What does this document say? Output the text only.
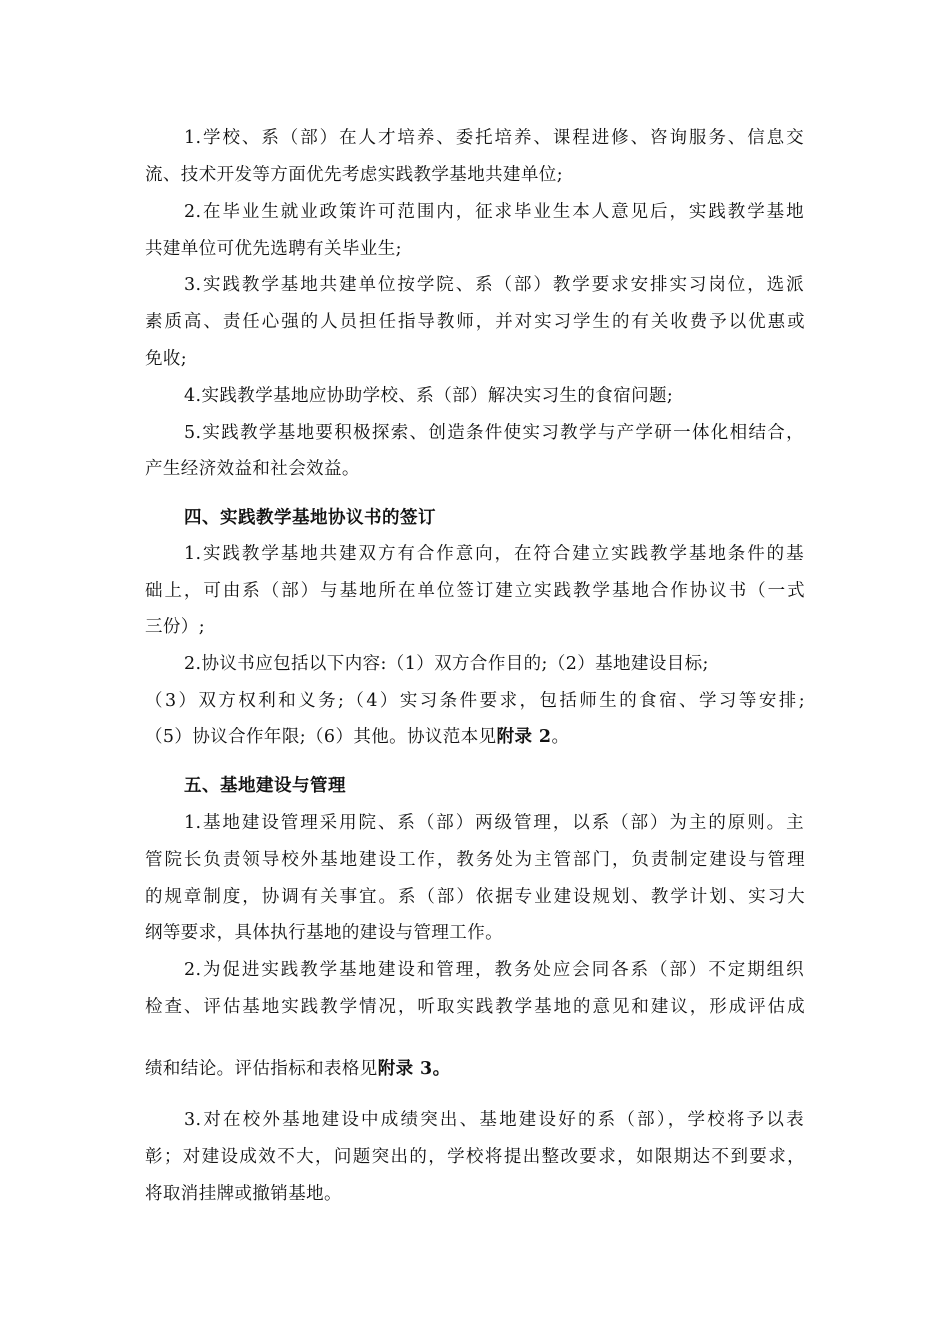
1.学校、系（部）在人才培养、委托培养、课程进修、咨询服务、信息交
流、技术开发等方面优先考虑实践教学基地共建单位;
2.在毕业生就业政策许可范围内，征求毕业生本人意见后，实践教学基地
共建单位可优先选聘有关毕业生;
3.实践教学基地共建单位按学院、系（部）教学要求安排实习岗位，选派
素质高、责任心强的人员担任指导教师，并对实习学生的有关收费予以优惠或
免收;
4.实践教学基地应协助学校、系（部）解决实习生的食宿问题;
5.实践教学基地要积极探索、创造条件使实习教学与产学研一体化相结合，
产生经济效益和社会效益。
四、实践教学基地协议书的签订
1.实践教学基地共建双方有合作意向，在符合建立实践教学基地条件的基
础上，可由系（部）与基地所在单位签订建立实践教学基地合作协议书（一式
三份）;
2.协议书应包括以下内容:（1）双方合作目的;（2）基地建设目标;
（3）双方权利和义务;（4）实习条件要求，包括师生的食宿、学习等安排;
（5）协议合作年限;（6）其他。协议范本见附录 2。
五、基地建设与管理
1.基地建设管理采用院、系（部）两级管理，以系（部）为主的原则。主
管院长负责领导校外基地建设工作，教务处为主管部门，负责制定建设与管理
的规章制度，协调有关事宜。系（部）依据专业建设规划、教学计划、实习大
纲等要求，具体执行基地的建设与管理工作。
2.为促进实践教学基地建设和管理，教务处应会同各系（部）不定期组织
检查、评估基地实践教学情况，听取实践教学基地的意见和建议，形成评估成
绩和结论。评估指标和表格见附录 3。
3.对在校外基地建设中成绩突出、基地建设好的系（部），学校将予以表
彰；对建设成效不大，问题突出的，学校将提出整改要求，如限期达不到要求，
将取消挂牌或撤销基地。
